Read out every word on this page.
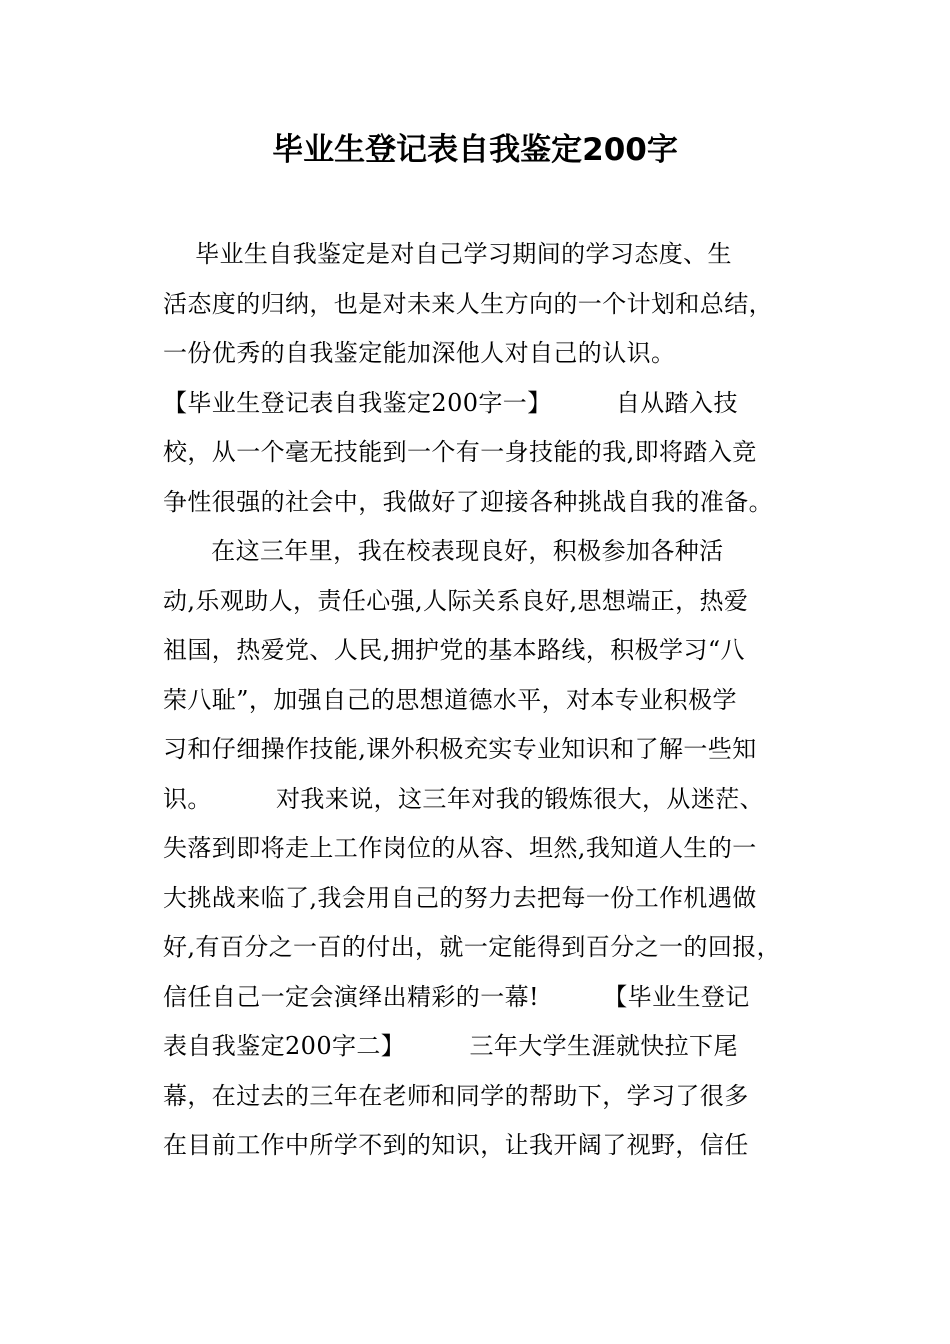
毕业生登记表自我鉴定200字
毕业生自我鉴定是对自己学习期间的学习态度、生
活态度的归纳，也是对未来人生方向的一个计划和总结，
一份优秀的自我鉴定能加深他人对自己的认识。
【毕业生登记表自我鉴定200字一】        自从踏入技
校，从一个毫无技能到一个有一身技能的我,即将踏入竞
争性很强的社会中，我做好了迎接各种挑战自我的准备。
在这三年里，我在校表现良好，积极参加各种活
动,乐观助人，责任心强,人际关系良好,思想端正，热爱
祖国，热爱党、人民,拥护党的基本路线，积极学习“八
荣八耻”，加强自己的思想道德水平，对本专业积极学
习和仔细操作技能,课外积极充实专业知识和了解一些知
识。        对我来说，这三年对我的锻炼很大，从迷茫、
失落到即将走上工作岗位的从容、坦然,我知道人生的一
大挑战来临了,我会用自己的努力去把每一份工作机遇做
好,有百分之一百的付出，就一定能得到百分之一的回报，
信任自己一定会演绎出精彩的一幕!        【毕业生登记
表自我鉴定200字二】        三年大学生涯就快拉下尾
幕，在过去的三年在老师和同学的帮助下，学习了很多
在目前工作中所学不到的知识，让我开阔了视野，信任
